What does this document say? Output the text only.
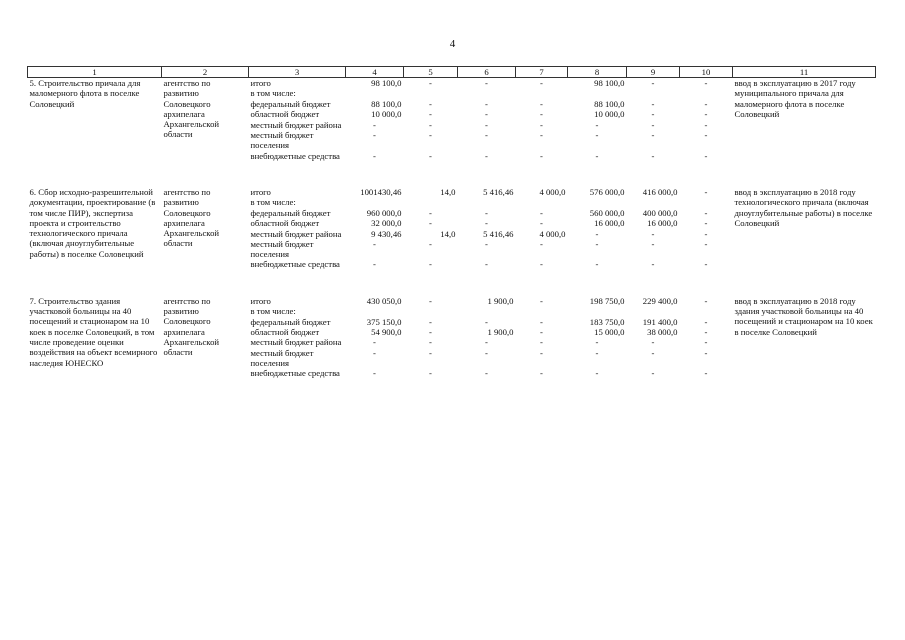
4
1	2	3	4	5	6	7	8	9	10	11
5. Строительство причала для маломерного флота в поселке Соловецкий	агентство по развитию Соловецкого архипелага Архангельской области	итого	98 100,0	-	-	-	98 100,0	-	-	ввод в эксплуатацию в 2017 году муниципального причала для маломерного флота в поселке Соловецкий
		в том числе:								
		федеральный бюджет	88 100,0	-	-	-	88 100,0	-	-	
		областной бюджет	10 000,0	-	-	-	10 000,0	-	-	
		местный бюджет района	-	-	-	-	-	-	-	
		местный бюджет поселения	-	-	-	-	-	-	-	
		внебюджетные средства	-	-	-	-	-	-	-	

6. Сбор исходно-разрешительной документации, проектирование (в том числе ПИР), экспертиза проекта и строительство технологического причала (включая дноуглубительные работы) в поселке Соловецкий	агентство по развитию Соловецкого архипелага Архангельской области	итого	1001430,46	14,0	5 416,46	4 000,0	576 000,0	416 000,0	-	ввод в эксплуатацию в 2018 году технологического причала (включая дноуглубительные работы) в поселке Соловецкий
		в том числе:								
		федеральный бюджет	960 000,0	-	-	-	560 000,0	400 000,0	-	
		областной бюджет	32 000,0	-	-	-	16 000,0	16 000,0	-	
		местный бюджет района	9 430,46	14,0	5 416,46	4 000,0	-	-	-	
		местный бюджет поселения	-	-	-	-	-	-	-	
		внебюджетные средства	-	-	-	-	-	-	-	

7. Строительство здания участковой больницы на 40 посещений и стационаром на 10 коек в поселке Соловецкий, в том числе проведение оценки воздействия на объект всемирного наследия ЮНЕСКО	агентство по развитию Соловецкого архипелага Архангельской области	итого	430 050,0	-	1 900,0	-	198 750,0	229 400,0	-	ввод в эксплуатацию в 2018 году здания участковой больницы на 40 посещений и стационаром на 10 коек в поселке Соловецкий
		в том числе:								
		федеральный бюджет	375 150,0	-	-	-	183 750,0	191 400,0	-	
		областной бюджет	54 900,0	-	1 900,0	-	15 000,0	38 000,0	-	
		местный бюджет района	-	-	-	-	-	-	-	
		местный бюджет поселения	-	-	-	-	-	-	-	
		внебюджетные средства	-	-	-	-	-	-	-	
